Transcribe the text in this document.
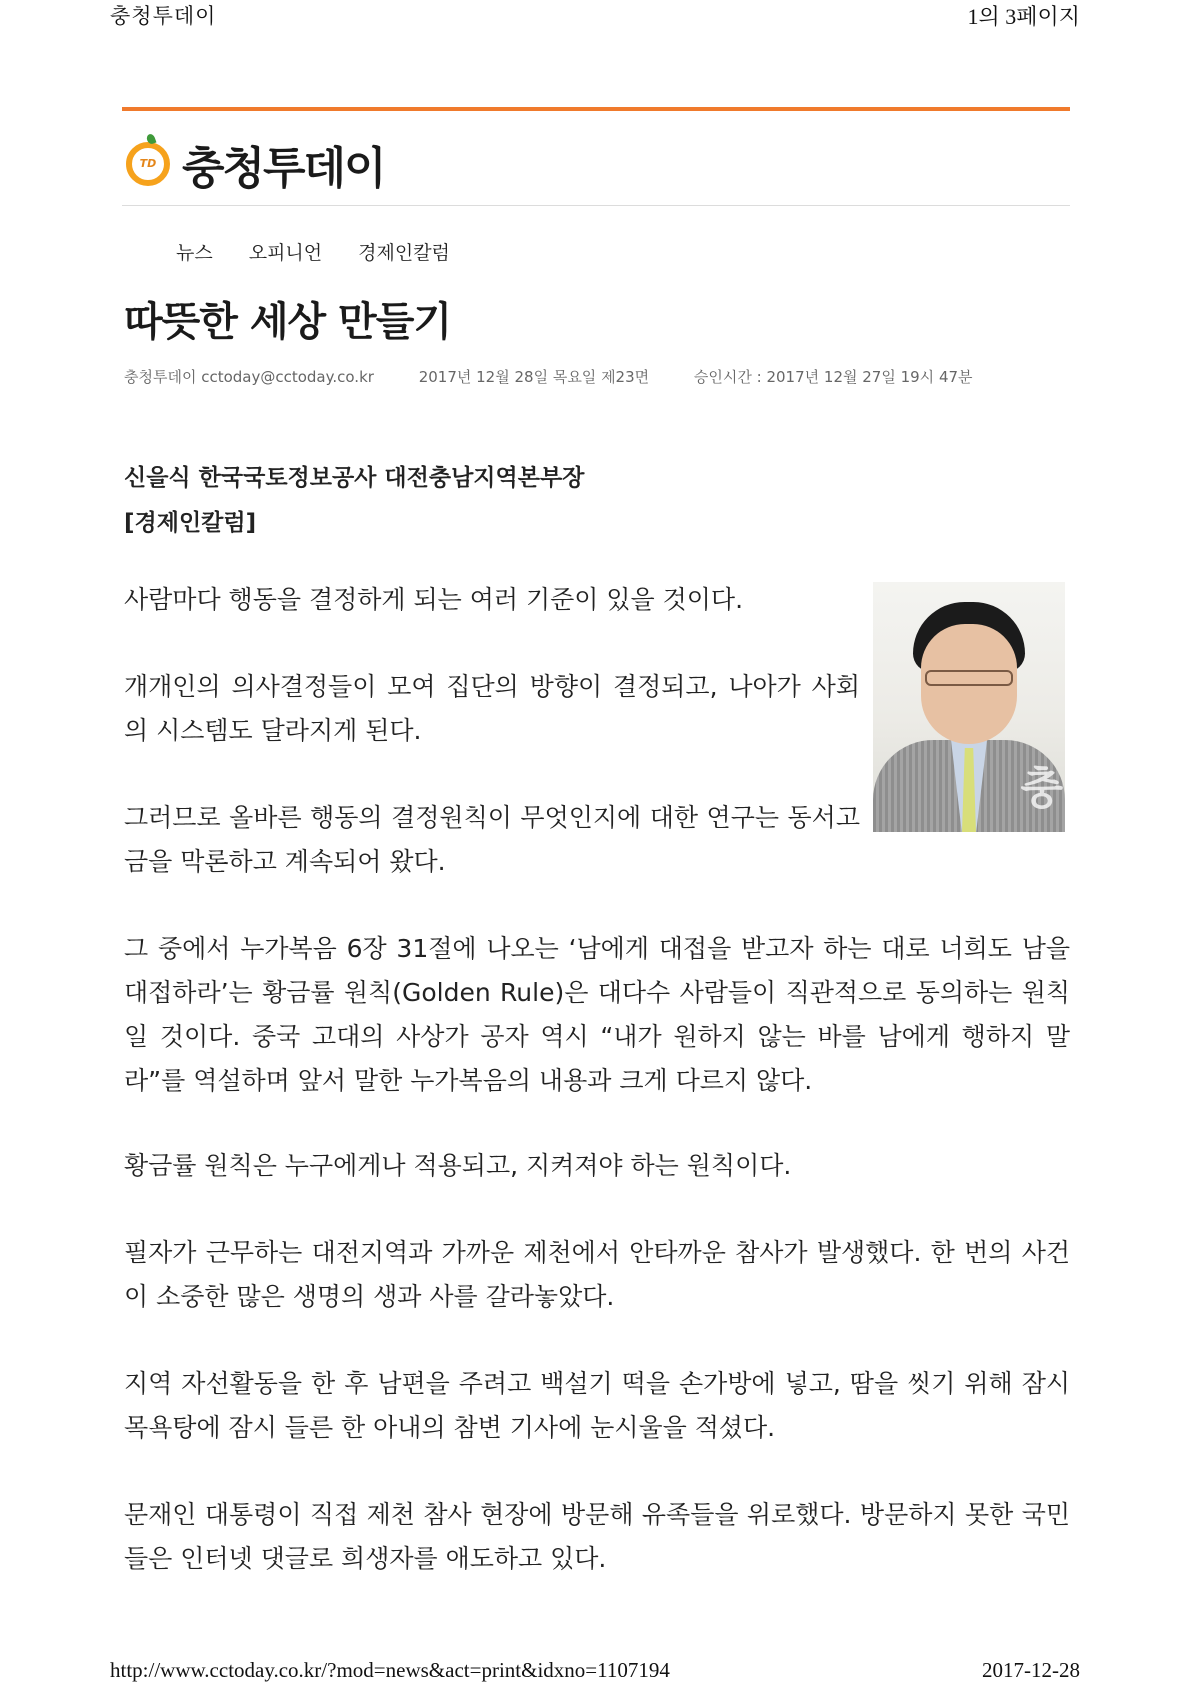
충청투데이	1의 3페이지
TD 충청투데이
뉴스 오피니언 경제인칼럼
따뜻한 세상 만들기
충청투데이 cctoday@cctoday.co.kr	2017년 12월 28일 목요일 제23면	승인시간 : 2017년 12월 27일 19시 47분
신을식 한국국토정보공사 대전충남지역본부장
[경제인칼럼]
충

사람마다 행동을 결정하게 되는 여러 기준이 있을 것이다.

개개인의 의사결정들이 모여 집단의 방향이 결정되고, 나아가 사회의 시스템도 달라지게 된다.

그러므로 올바른 행동의 결정원칙이 무엇인지에 대한 연구는 동서고금을 막론하고 계속되어 왔다.

그 중에서 누가복음 6장 31절에 나오는 ‘남에게 대접을 받고자 하는 대로 너희도 남을 대접하라’는 황금률 원칙(Golden Rule)은 대다수 사람들이 직관적으로 동의하는 원칙일 것이다. 중국 고대의 사상가 공자 역시 “내가 원하지 않는 바를 남에게 행하지 말라”를 역설하며 앞서 말한 누가복음의 내용과 크게 다르지 않다.

황금률 원칙은 누구에게나 적용되고, 지켜져야 하는 원칙이다.

필자가 근무하는 대전지역과 가까운 제천에서 안타까운 참사가 발생했다. 한 번의 사건이 소중한 많은 생명의 생과 사를 갈라놓았다.

지역 자선활동을 한 후 남편을 주려고 백설기 떡을 손가방에 넣고, 땀을 씻기 위해 잠시 목욕탕에 잠시 들른 한 아내의 참변 기사에 눈시울을 적셨다.

문재인 대통령이 직접 제천 참사 현장에 방문해 유족들을 위로했다. 방문하지 못한 국민들은 인터넷 댓글로 희생자를 애도하고 있다.

http://www.cctoday.co.kr/?mod=news&act=print&idxno=1107194	2017-12-28
